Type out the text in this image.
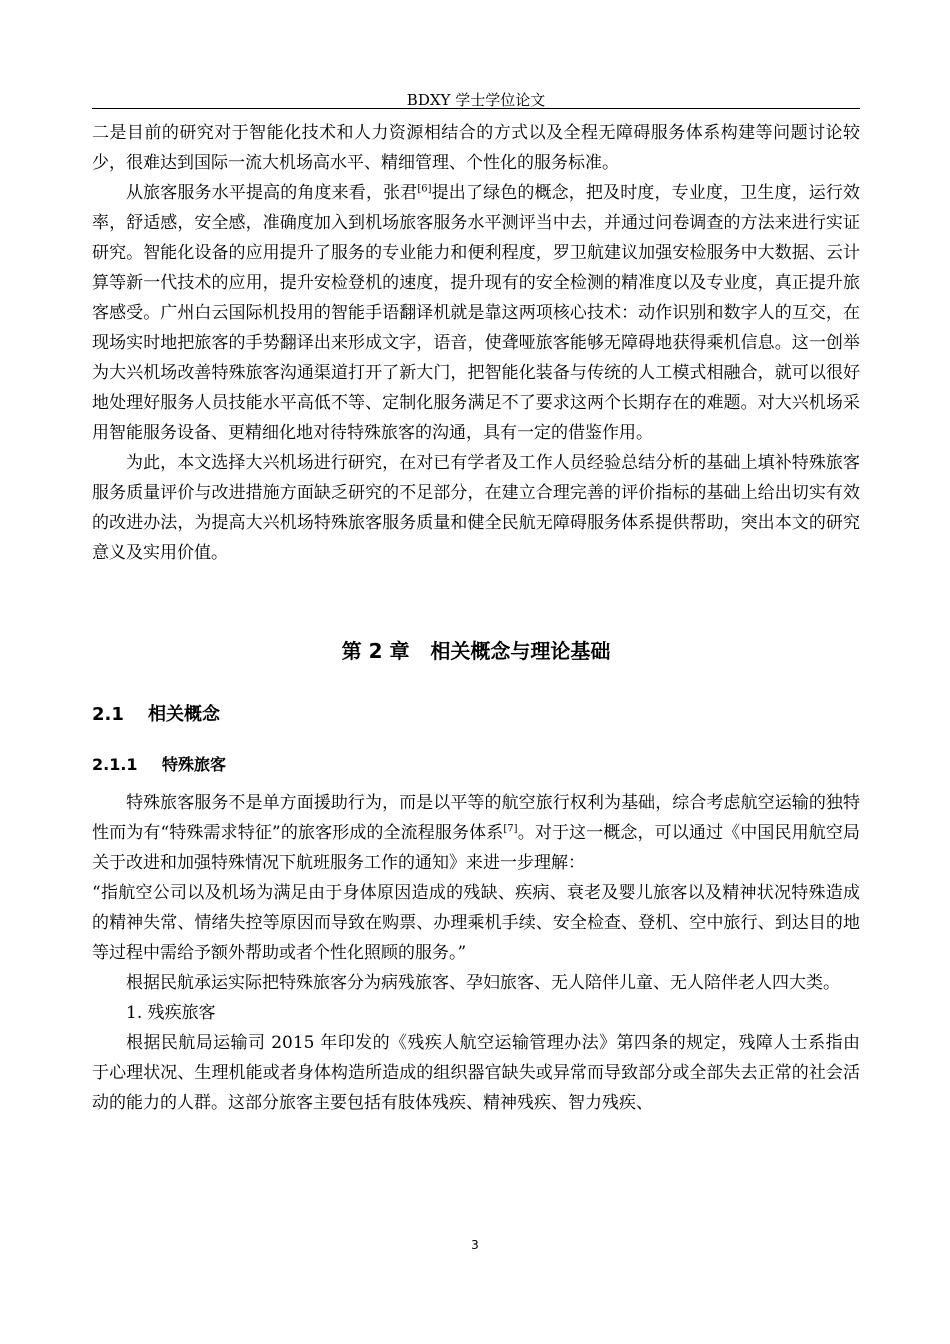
BDXY 学士学位论文

二是目前的研究对于智能化技术和人力资源相结合的方式以及全程无障碍服务体系构建等问题讨论较少，很难达到国际一流大机场高水平、精细管理、个性化的服务标准。

从旅客服务水平提高的角度来看，张君[6]提出了绿色的概念，把及时度，专业度，卫生度，运行效率，舒适感，安全感，准确度加入到机场旅客服务水平测评当中去，并通过问卷调查的方法来进行实证研究。智能化设备的应用提升了服务的专业能力和便利程度，罗卫航建议加强安检服务中大数据、云计算等新一代技术的应用，提升安检登机的速度，提升现有的安全检测的精准度以及专业度，真正提升旅客感受。广州白云国际机投用的智能手语翻译机就是靠这两项核心技术：动作识别和数字人的互交，在现场实时地把旅客的手势翻译出来形成文字，语音，使聋哑旅客能够无障碍地获得乘机信息。这一创举为大兴机场改善特殊旅客沟通渠道打开了新大门，把智能化装备与传统的人工模式相融合，就可以很好地处理好服务人员技能水平高低不等、定制化服务满足不了要求这两个长期存在的难题。对大兴机场采用智能服务设备、更精细化地对待特殊旅客的沟通，具有一定的借鉴作用。

为此，本文选择大兴机场进行研究，在对已有学者及工作人员经验总结分析的基础上填补特殊旅客服务质量评价与改进措施方面缺乏研究的不足部分，在建立合理完善的评价指标的基础上给出切实有效的改进办法，为提高大兴机场特殊旅客服务质量和健全民航无障碍服务体系提供帮助，突出本文的研究意义及实用价值。

第 2 章 相关概念与理论基础
2.1 相关概念
2.1.1 特殊旅客

特殊旅客服务不是单方面援助行为，而是以平等的航空旅行权利为基础，综合考虑航空运输的独特性而为有“特殊需求特征”的旅客形成的全流程服务体系[7]。对于这一概念，可以通过《中国民用航空局关于改进和加强特殊情况下航班服务工作的通知》来进一步理解：

“指航空公司以及机场为满足由于身体原因造成的残缺、疾病、衰老及婴儿旅客以及精神状况特殊造成的精神失常、情绪失控等原因而导致在购票、办理乘机手续、安全检查、登机、空中旅行、到达目的地等过程中需给予额外帮助或者个性化照顾的服务。”

根据民航承运实际把特殊旅客分为病残旅客、孕妇旅客、无人陪伴儿童、无人陪伴老人四大类。

1. 残疾旅客

根据民航局运输司 2015 年印发的《残疾人航空运输管理办法》第四条的规定，残障人士系指由于心理状况、生理机能或者身体构造所造成的组织器官缺失或异常而导致部分或全部失去正常的社会活动的能力的人群。这部分旅客主要包括有肢体残疾、精神残疾、智力残疾、

3
